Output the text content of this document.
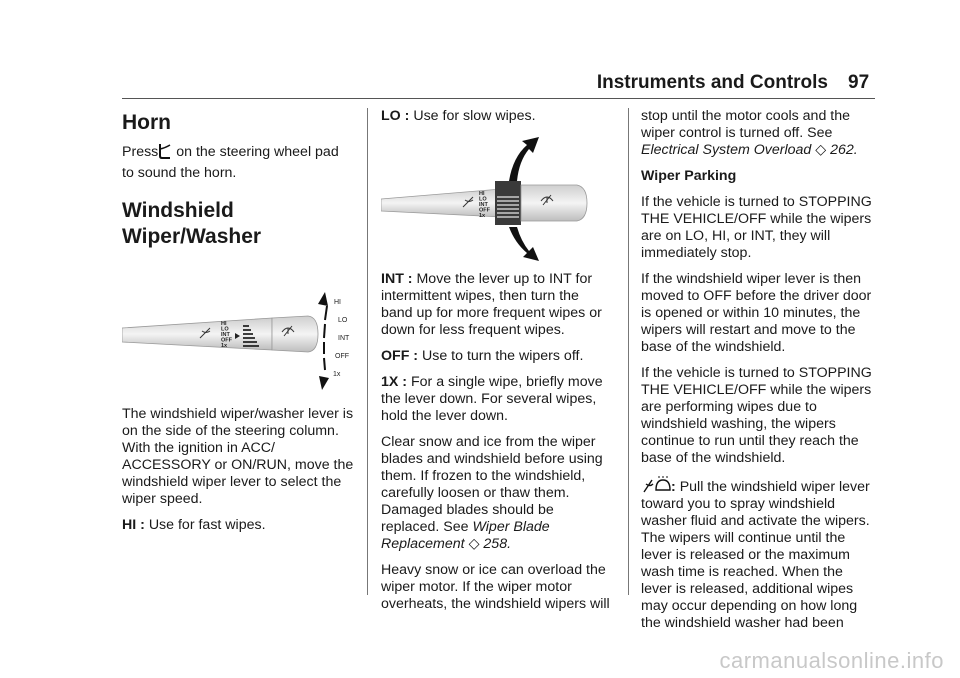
Instruments and Controls 97
Horn

Press on the steering wheel pad to sound the horn.

Windshield Wiper/Washer
HI
LO
INT
OFF
1x
HI
LO
INT
OFF
1x

The windshield wiper/washer lever is on the side of the steering column. With the ignition in ACC/ ACCESSORY or ON/RUN, move the windshield wiper lever to select the wiper speed.

HI : Use for fast wipes.

LO : Use for slow wipes.

HI
LO
INT
OFF
1x

INT : Move the lever up to INT for intermittent wipes, then turn the band up for more frequent wipes or down for less frequent wipes.

OFF : Use to turn the wipers off.

1X : For a single wipe, briefly move the lever down. For several wipes, hold the lever down.

Clear snow and ice from the wiper blades and windshield before using them. If frozen to the windshield, carefully loosen or thaw them. Damaged blades should be replaced. See Wiper Blade Replacement ◇ 258.

Heavy snow or ice can overload the wiper motor. If the wiper motor overheats, the windshield wipers will

stop until the motor cools and the wiper control is turned off. See Electrical System Overload ◇ 262.

Wiper Parking

If the vehicle is turned to STOPPING THE VEHICLE/OFF while the wipers are on LO, HI, or INT, they will immediately stop.

If the windshield wiper lever is then moved to OFF before the driver door is opened or within 10 minutes, the wipers will restart and move to the base of the windshield.

If the vehicle is turned to STOPPING THE VEHICLE/OFF while the wipers are performing wipes due to windshield washing, the wipers continue to run until they reach the base of the windshield.

: Pull the windshield wiper lever toward you to spray windshield washer fluid and activate the wipers. The wipers will continue until the lever is released or the maximum wash time is reached. When the lever is released, additional wipes may occur depending on how long the windshield washer had been

carmanualsonline.info
